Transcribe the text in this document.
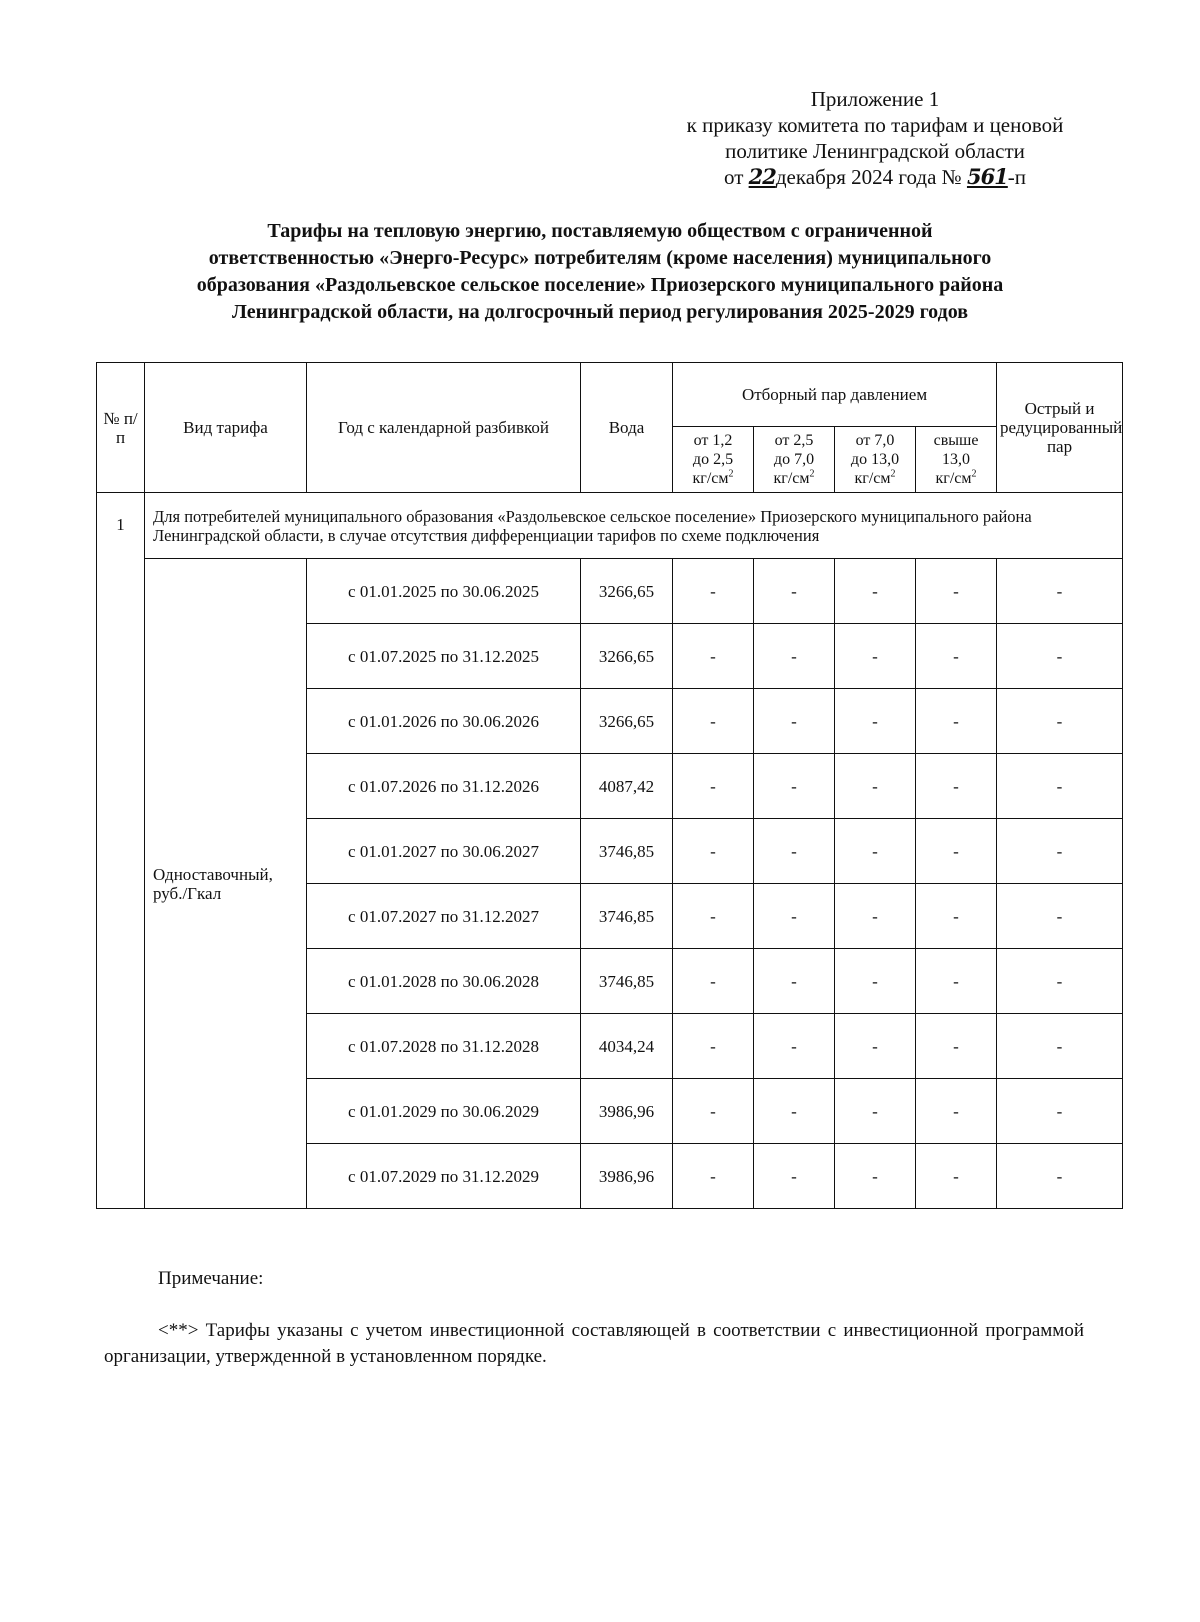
Приложение 1
к приказу комитета по тарифам и ценовой
политике Ленинградской области
от 22декабря 2024 года № 561-п
Тарифы на тепловую энергию, поставляемую обществом с ограниченной
ответственностью «Энерго-Ресурс» потребителям (кроме населения) муниципального
образования «Раздольевское сельское поселение» Приозерского муниципального района
Ленинградской области, на долгосрочный период регулирования 2025-2029 годов
№ п/п	Вид тарифа	Год с календарной разбивкой	Вода	Отборный пар давлением				Острый и редуцированный пар
				от 1,2
до 2,5
$кг/см^2$	от 2,5
до 7,0
$кг/см^2$	от 7,0
до 13,0
$кг/см^2$	свыше
13,0
$кг/см^2$
1	Для потребителей муниципального образования «Раздольевское сельское поселение» Приозерского муниципального района Ленинградской области, в случае отсутствия дифференциации тарифов по схеме подключения							
	Одноставочный, руб./Гкал	с 01.01.2025 по 30.06.2025	3266,65	-	-	-	-	-
		с 01.07.2025 по 31.12.2025	3266,65	-	-	-	-	-
		с 01.01.2026 по 30.06.2026	3266,65	-	-	-	-	-
		с 01.07.2026 по 31.12.2026	4087,42	-	-	-	-	-
		с 01.01.2027 по 30.06.2027	3746,85	-	-	-	-	-
		с 01.07.2027 по 31.12.2027	3746,85	-	-	-	-	-
		с 01.01.2028 по 30.06.2028	3746,85	-	-	-	-	-
		с 01.07.2028 по 31.12.2028	4034,24	-	-	-	-	-
		с 01.01.2029 по 30.06.2029	3986,96	-	-	-	-	-
		с 01.07.2029 по 31.12.2029	3986,96	-	-	-	-	-
Примечание:
<**> Тарифы указаны с учетом инвестиционной составляющей в соответствии с инвестиционной программой организации, утвержденной в установленном порядке.
